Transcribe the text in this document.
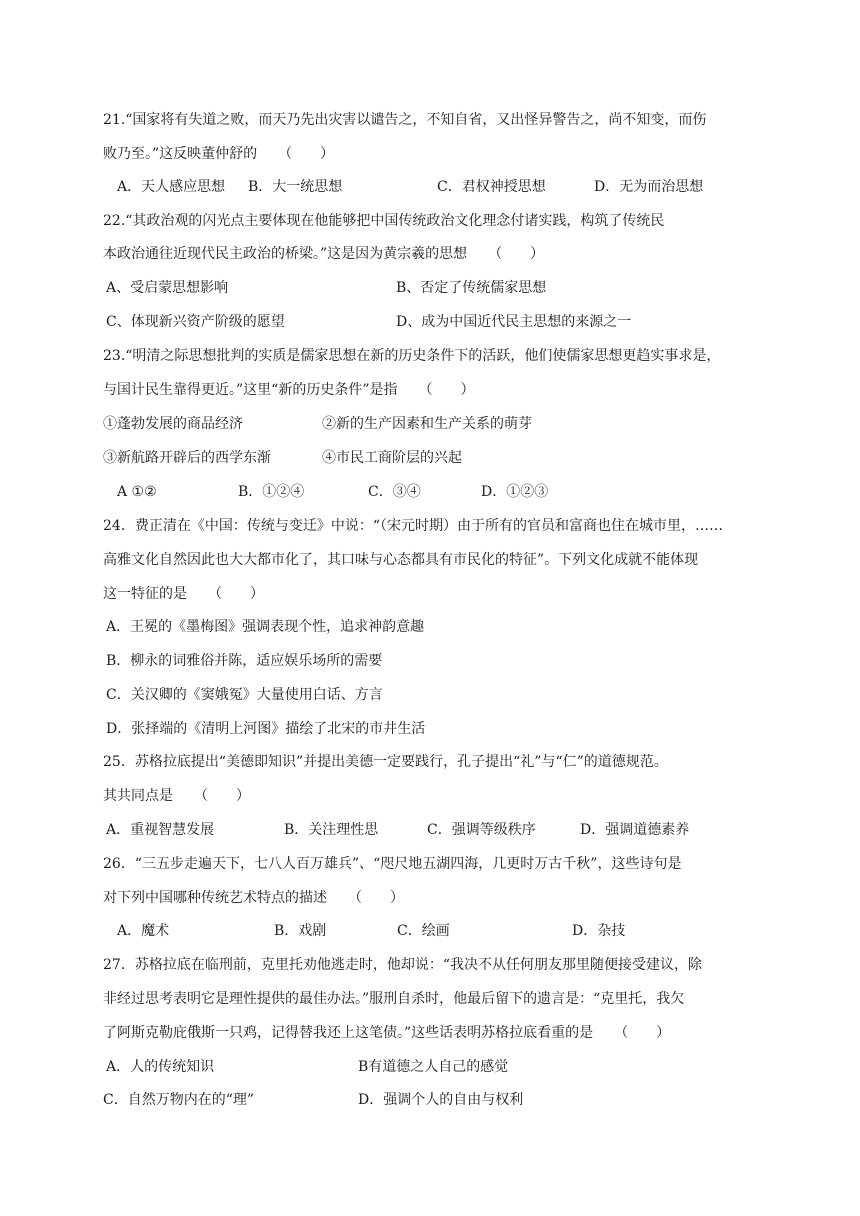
21.“国家将有失道之败，而天乃先出灾害以谴告之，不知自省，又出怪异警告之，尚不知变，而伤
败乃至。”这反映董仲舒的　　（　　）
A．天人感应思想 B．大一统思想	C．君权神授思想	D．无为而治思想
22.“其政治观的闪光点主要体现在他能够把中国传统政治文化理念付诸实践，构筑了传统民
本政治通往近现代民主政治的桥梁。”这是因为黄宗羲的思想　　（　　）
A、受启蒙思想影响	B、否定了传统儒家思想
C、体现新兴资产阶级的愿望	D、成为中国近代民主思想的来源之一
23.“明清之际思想批判的实质是儒家思想在新的历史条件下的活跃，他们使儒家思想更趋实事求是，
与国计民生靠得更近。”这里“新的历史条件”是指　　（　　）
①蓬勃发展的商品经济	②新的生产因素和生产关系的萌芽
③新航路开辟后的西学东渐	④市民工商阶层的兴起
A ①②	B．①②④	C．③④	D．①②③
24．费正清在《中国：传统与变迁》中说：“（宋元时期）由于所有的官员和富商也住在城市里，……
高雅文化自然因此也大大都市化了，其口味与心态都具有市民化的特征”。下列文化成就不能体现
这一特征的是　　（　　）
A．王冕的《墨梅图》强调表现个性，追求神韵意趣
B．柳永的词雅俗并陈，适应娱乐场所的需要
C．关汉卿的《窦娥冤》大量使用白话、方言
D．张择端的《清明上河图》描绘了北宋的市井生活
25．苏格拉底提出“美德即知识”并提出美德一定要践行，孔子提出“礼”与“仁”的道德规范。
其共同点是　　（　　）
A．重视智慧发展	B．关注理性思	C．强调等级秩序	D．强调道德素养
26．“三五步走遍天下，七八人百万雄兵”、“咫尺地五湖四海，几更时万古千秋”，这些诗句是
对下列中国哪种传统艺术特点的描述　　（　　）
A．魔术	B．戏剧	C．绘画	D．杂技
27．苏格拉底在临刑前，克里托劝他逃走时，他却说：“我决不从任何朋友那里随便接受建议，除
非经过思考表明它是理性提供的最佳办法。”服刑自杀时，他最后留下的遗言是：“克里托，我欠
了阿斯克勒庇俄斯一只鸡，记得替我还上这笔债。”这些话表明苏格拉底看重的是　　（　　）
A．人的传统知识	B有道德之人自己的感觉
C．自然万物内在的“理”	D．强调个人的自由与权利
